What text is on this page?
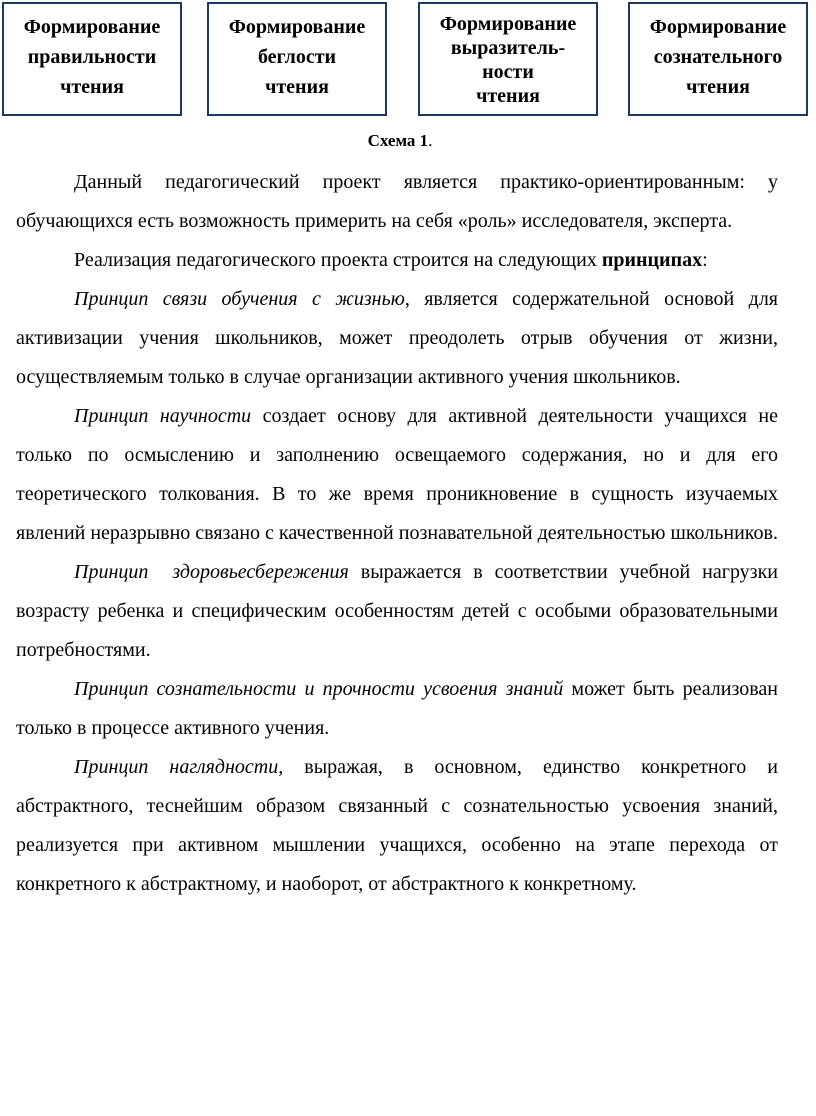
Формирование
правильности
чтения
Формирование
беглости
чтения
Формирование
выразитель-
ности
чтения
Формирование
сознательного
чтения
Схема 1.

Данный педагогический проект является практико-ориентированным: у обучающихся есть возможность примерить на себя «роль» исследователя, эксперта.

Реализация педагогического проекта строится на следующих принципах:

Принцип связи обучения с жизнью, является содержательной основой для активизации учения школьников, может преодолеть отрыв обучения от жизни, осуществляемым только в случае организации активного учения школьников.

Принцип научности создает основу для активной деятельности учащихся не только по осмыслению и заполнению освещаемого содержания, но и для его теоретического толкования. В то же время проникновение в сущность изучаемых явлений неразрывно связано с качественной познавательной деятельностью школьников.

Принцип  здоровьесбережения выражается в соответствии учебной нагрузки возрасту ребенка и специфическим особенностям детей с особыми образовательными потребностями.

Принцип сознательности и прочности усвоения знаний может быть реализован только в процессе активного учения.

Принцип наглядности, выражая, в основном, единство конкретного и абстрактного, теснейшим образом связанный с сознательностью усвоения знаний, реализуется при активном мышлении учащихся, особенно на этапе перехода от конкретного к абстрактному, и наоборот, от абстрактного к конкретному.
